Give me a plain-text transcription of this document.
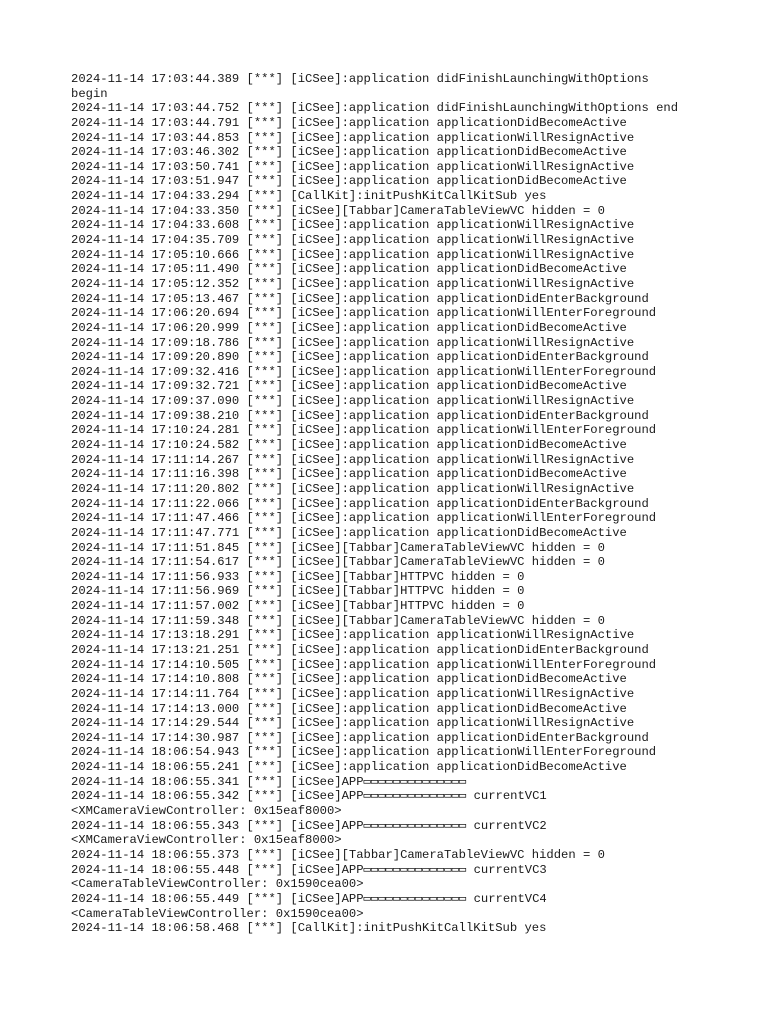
2024-11-14 17:03:44.389 [***] [iCSee]:application didFinishLaunchingWithOptions
begin
2024-11-14 17:03:44.752 [***] [iCSee]:application didFinishLaunchingWithOptions end
2024-11-14 17:03:44.791 [***] [iCSee]:application applicationDidBecomeActive
2024-11-14 17:03:44.853 [***] [iCSee]:application applicationWillResignActive
2024-11-14 17:03:46.302 [***] [iCSee]:application applicationDidBecomeActive
2024-11-14 17:03:50.741 [***] [iCSee]:application applicationWillResignActive
2024-11-14 17:03:51.947 [***] [iCSee]:application applicationDidBecomeActive
2024-11-14 17:04:33.294 [***] [CallKit]:initPushKitCallKitSub yes
2024-11-14 17:04:33.350 [***] [iCSee][Tabbar]CameraTableViewVC hidden = 0
2024-11-14 17:04:33.608 [***] [iCSee]:application applicationWillResignActive
2024-11-14 17:04:35.709 [***] [iCSee]:application applicationWillResignActive
2024-11-14 17:05:10.666 [***] [iCSee]:application applicationWillResignActive
2024-11-14 17:05:11.490 [***] [iCSee]:application applicationDidBecomeActive
2024-11-14 17:05:12.352 [***] [iCSee]:application applicationWillResignActive
2024-11-14 17:05:13.467 [***] [iCSee]:application applicationDidEnterBackground
2024-11-14 17:06:20.694 [***] [iCSee]:application applicationWillEnterForeground
2024-11-14 17:06:20.999 [***] [iCSee]:application applicationDidBecomeActive
2024-11-14 17:09:18.786 [***] [iCSee]:application applicationWillResignActive
2024-11-14 17:09:20.890 [***] [iCSee]:application applicationDidEnterBackground
2024-11-14 17:09:32.416 [***] [iCSee]:application applicationWillEnterForeground
2024-11-14 17:09:32.721 [***] [iCSee]:application applicationDidBecomeActive
2024-11-14 17:09:37.090 [***] [iCSee]:application applicationWillResignActive
2024-11-14 17:09:38.210 [***] [iCSee]:application applicationDidEnterBackground
2024-11-14 17:10:24.281 [***] [iCSee]:application applicationWillEnterForeground
2024-11-14 17:10:24.582 [***] [iCSee]:application applicationDidBecomeActive
2024-11-14 17:11:14.267 [***] [iCSee]:application applicationWillResignActive
2024-11-14 17:11:16.398 [***] [iCSee]:application applicationDidBecomeActive
2024-11-14 17:11:20.802 [***] [iCSee]:application applicationWillResignActive
2024-11-14 17:11:22.066 [***] [iCSee]:application applicationDidEnterBackground
2024-11-14 17:11:47.466 [***] [iCSee]:application applicationWillEnterForeground
2024-11-14 17:11:47.771 [***] [iCSee]:application applicationDidBecomeActive
2024-11-14 17:11:51.845 [***] [iCSee][Tabbar]CameraTableViewVC hidden = 0
2024-11-14 17:11:54.617 [***] [iCSee][Tabbar]CameraTableViewVC hidden = 0
2024-11-14 17:11:56.933 [***] [iCSee][Tabbar]HTTPVC hidden = 0
2024-11-14 17:11:56.969 [***] [iCSee][Tabbar]HTTPVC hidden = 0
2024-11-14 17:11:57.002 [***] [iCSee][Tabbar]HTTPVC hidden = 0
2024-11-14 17:11:59.348 [***] [iCSee][Tabbar]CameraTableViewVC hidden = 0
2024-11-14 17:13:18.291 [***] [iCSee]:application applicationWillResignActive
2024-11-14 17:13:21.251 [***] [iCSee]:application applicationDidEnterBackground
2024-11-14 17:14:10.505 [***] [iCSee]:application applicationWillEnterForeground
2024-11-14 17:14:10.808 [***] [iCSee]:application applicationDidBecomeActive
2024-11-14 17:14:11.764 [***] [iCSee]:application applicationWillResignActive
2024-11-14 17:14:13.000 [***] [iCSee]:application applicationDidBecomeActive
2024-11-14 17:14:29.544 [***] [iCSee]:application applicationWillResignActive
2024-11-14 17:14:30.987 [***] [iCSee]:application applicationDidEnterBackground
2024-11-14 18:06:54.943 [***] [iCSee]:application applicationWillEnterForeground
2024-11-14 18:06:55.241 [***] [iCSee]:application applicationDidBecomeActive
2024-11-14 18:06:55.341 [***] [iCSee]APP▭▭▭▭▭▭▭▭▭▭▭▭▭▭
2024-11-14 18:06:55.342 [***] [iCSee]APP▭▭▭▭▭▭▭▭▭▭▭▭▭▭ currentVC1
<XMCameraViewController: 0x15eaf8000>
2024-11-14 18:06:55.343 [***] [iCSee]APP▭▭▭▭▭▭▭▭▭▭▭▭▭▭ currentVC2
<XMCameraViewController: 0x15eaf8000>
2024-11-14 18:06:55.373 [***] [iCSee][Tabbar]CameraTableViewVC hidden = 0
2024-11-14 18:06:55.448 [***] [iCSee]APP▭▭▭▭▭▭▭▭▭▭▭▭▭▭ currentVC3
<CameraTableViewController: 0x1590cea00>
2024-11-14 18:06:55.449 [***] [iCSee]APP▭▭▭▭▭▭▭▭▭▭▭▭▭▭ currentVC4
<CameraTableViewController: 0x1590cea00>
2024-11-14 18:06:58.468 [***] [CallKit]:initPushKitCallKitSub yes
